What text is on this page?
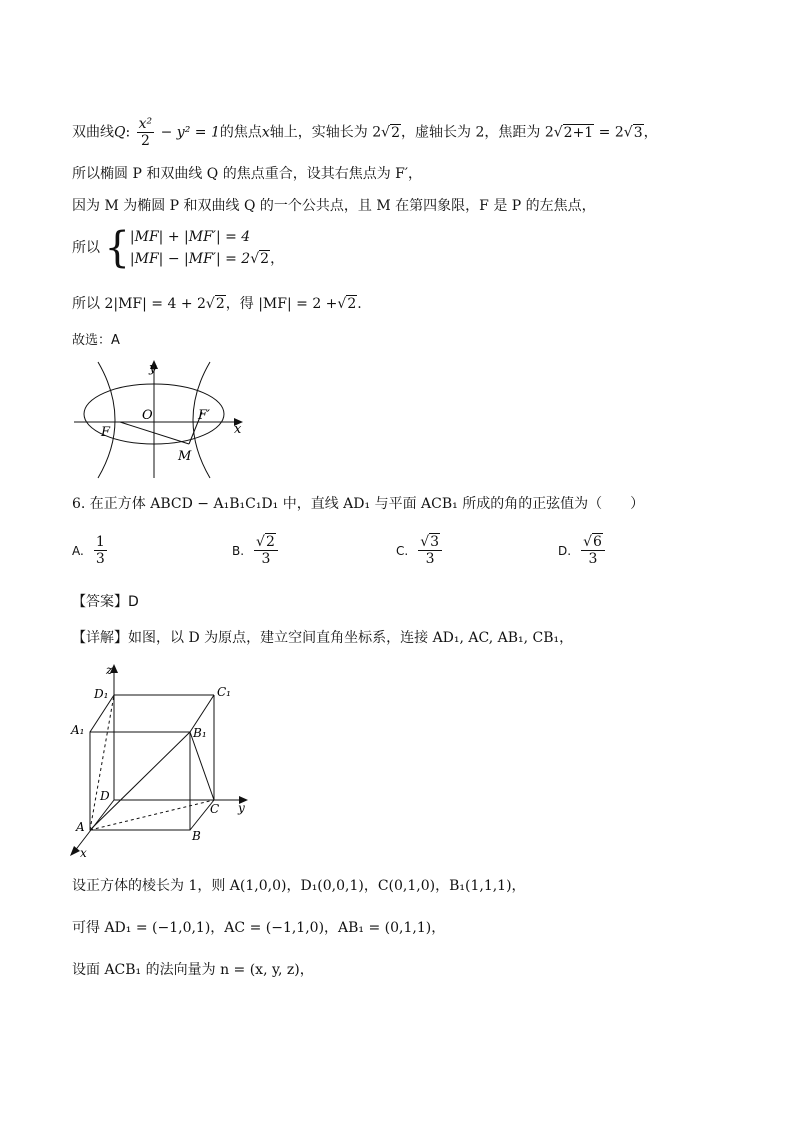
双曲线Q: $\frac{\text{x²}}{2} - y^2 = 1$的焦点x轴上，实轴长为 2√2，虚轴长为 2，焦距为 2√2+1 = 2√3，
所以椭圆 P 和双曲线 Q 的焦点重合，设其右焦点为 F′，
因为 M 为椭圆 P 和双曲线 Q 的一个公共点，且 M 在第四象限，F 是 P 的左焦点，
所以 { |MF| + |MF′| = 4
|MF| − |MF′| = 2√2，
所以 2|MF| = 4 + 2√2，得 |MF| = 2 +√2.
故选：A
y
x
O	F′
F
M
6. 在正方体 ABCD − A₁B₁C₁D₁ 中，直线 AD₁ 与平面 ACB₁ 所成的角的正弦值为（　　）
A. $\frac{1}{3}$	B. $\frac{√2}{3}$	C. $\frac{√3}{3}$	D. $\frac{√6}{3}$
【答案】D
【详解】如图，以 D 为原点，建立空间直角坐标系，连接 AD₁, AC, AB₁, CB₁，
z
y
x
D₁	C₁
A₁	B₁
D
C
A
B
设正方体的棱长为 1，则 A(1,0,0)，D₁(0,0,1)，C(0,1,0)，B₁(1,1,1)，
可得 AD₁ = (−1,0,1)，AC = (−1,1,0)，AB₁ = (0,1,1)，
设面 ACB₁ 的法向量为 n = (x, y, z)，
